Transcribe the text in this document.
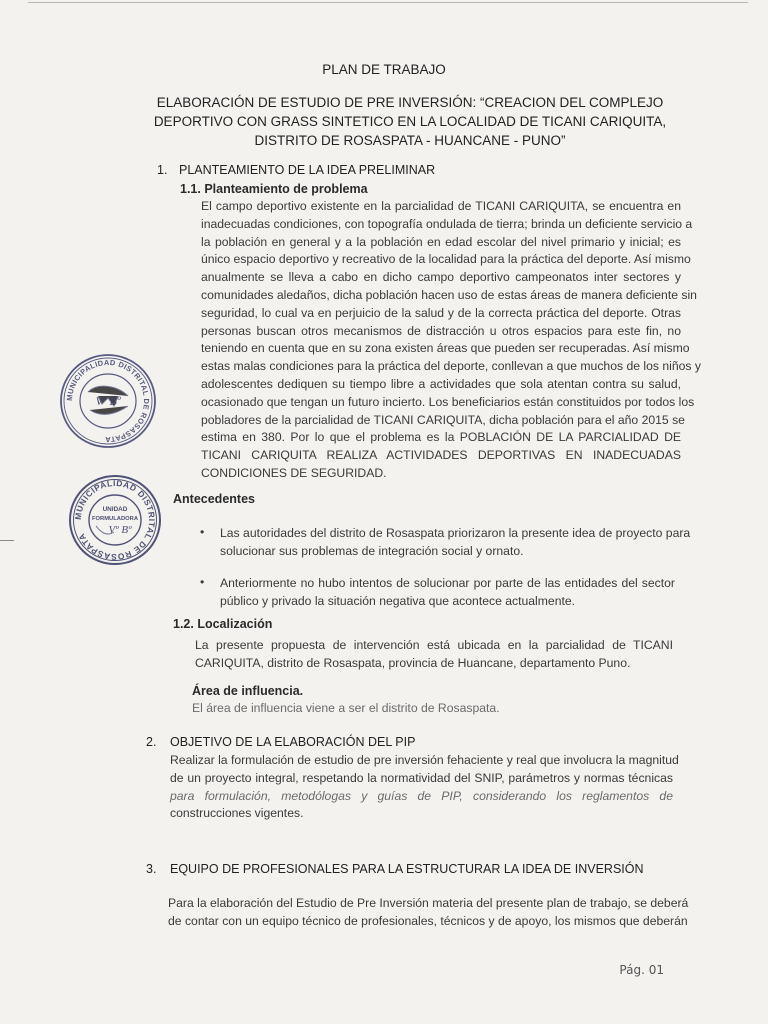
PLAN DE TRABAJO
ELABORACIÓN DE ESTUDIO DE PRE INVERSIÓN: “CREACION DEL COMPLEJO
DEPORTIVO CON GRASS SINTETICO EN LA LOCALIDAD DE TICANI CARIQUITA,
DISTRITO DE ROSASPATA - HUANCANE - PUNO”
1. PLANTEAMIENTO DE LA IDEA PRELIMINAR
1.1. Planteamiento de problema
El campo deportivo existente en la parcialidad de TICANI CARIQUITA, se encuentra en
inadecuadas condiciones, con topografía ondulada de tierra; brinda un deficiente servicio a
la población en general y a la población en edad escolar del nivel primario y inicial; es
único espacio deportivo y recreativo de la localidad para la práctica del deporte. Así mismo
anualmente se lleva a cabo en dicho campo deportivo campeonatos inter sectores y
comunidades aledaños, dicha población hacen uso de estas áreas de manera deficiente sin
seguridad, lo cual va en perjuicio de la salud y de la correcta práctica del deporte. Otras
personas buscan otros mecanismos de distracción u otros espacios para este fin, no
teniendo en cuenta que en su zona existen áreas que pueden ser recuperadas. Así mismo
estas malas condiciones para la práctica del deporte, conllevan a que muchos de los niños y
adolescentes dediquen su tiempo libre a actividades que sola atentan contra su salud,
ocasionado que tengan un futuro incierto. Los beneficiarios están constituidos por todos los
pobladores de la parcialidad de TICANI CARIQUITA, dicha población para el año 2015 se
estima en 380. Por lo que el problema es la POBLACIÓN DE LA PARCIALIDAD DE
TICANI CARIQUITA REALIZA ACTIVIDADES DEPORTIVAS EN INADECUADAS
CONDICIONES DE SEGURIDAD.
Antecedentes
•	Las autoridades del distrito de Rosaspata priorizaron la presente idea de proyecto para
solucionar sus problemas de integración social y ornato.
•	Anteriormente no hubo intentos de solucionar por parte de las entidades del sector
público y privado la situación negativa que acontece actualmente.
1.2. Localización
La presente propuesta de intervención está ubicada en la parcialidad de TICANI
CARIQUITA, distrito de Rosaspata, provincia de Huancane, departamento Puno.
Área de influencia.
El área de influencia viene a ser el distrito de Rosaspata.
2. OBJETIVO DE LA ELABORACIÓN DEL PIP
Realizar la formulación de estudio de pre inversión fehaciente y real que involucra la magnitud
de un proyecto integral, respetando la normatividad del SNIP, parámetros y normas técnicas
para formulación, metodólogas y guías de PIP, considerando los reglamentos de
construcciones vigentes.
3. EQUIPO DE PROFESIONALES PARA LA ESTRUCTURAR LA IDEA DE INVERSIÓN
Para la elaboración del Estudio de Pre Inversión materia del presente plan de trabajo, se deberá
de contar con un equipo técnico de profesionales, técnicos y de apoyo, los mismos que deberán
Pág. 01
MUNICIPALIDAD DISTRITAL DE ROSASPATA
Vº Bº
MUNICIPALIDAD DISTRITAL DE ROSASPATA
UNIDAD
FORMULADORA
Vº Bº
